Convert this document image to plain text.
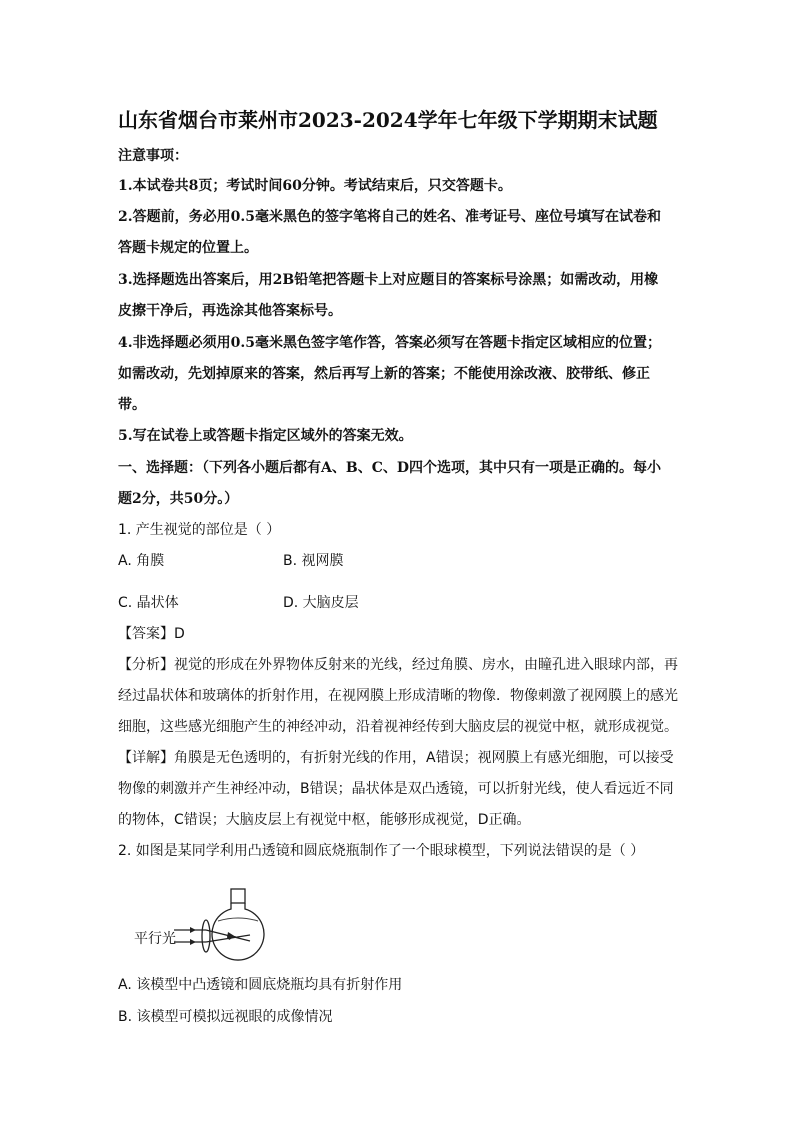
山东省烟台市莱州市2023-2024学年七年级下学期期末试题
注意事项：
1.本试卷共8页；考试时间60分钟。考试结束后，只交答题卡。
2.答题前，务必用0.5毫米黑色的签字笔将自己的姓名、准考证号、座位号填写在试卷和
答题卡规定的位置上。
3.选择题选出答案后，用2B铅笔把答题卡上对应题目的答案标号涂黑；如需改动，用橡
皮擦干净后，再选涂其他答案标号。
4.非选择题必须用0.5毫米黑色签字笔作答，答案必须写在答题卡指定区域相应的位置；
如需改动，先划掉原来的答案，然后再写上新的答案；不能使用涂改液、胶带纸、修正
带。
5.写在试卷上或答题卡指定区域外的答案无效。
一、选择题：（下列各小题后都有A、B、C、D四个选项，其中只有一项是正确的。每小
题2分，共50分。）
1. 产生视觉的部位是（ ）
A. 角膜	B. 视网膜
C. 晶状体	D. 大脑皮层
【答案】D
【分析】视觉的形成在外界物体反射来的光线，经过角膜、房水，由瞳孔进入眼球内部，再
经过晶状体和玻璃体的折射作用，在视网膜上形成清晰的物像．物像刺激了视网膜上的感光
细胞，这些感光细胞产生的神经冲动，沿着视神经传到大脑皮层的视觉中枢，就形成视觉。
【详解】角膜是无色透明的，有折射光线的作用，A错误；视网膜上有感光细胞，可以接受
物像的刺激并产生神经冲动，B错误；晶状体是双凸透镜，可以折射光线，使人看远近不同
的物体，C错误；大脑皮层上有视觉中枢，能够形成视觉，D正确。
2. 如图是某同学利用凸透镜和圆底烧瓶制作了一个眼球模型，下列说法错误的是（ ）
平行光
A. 该模型中凸透镜和圆底烧瓶均具有折射作用
B. 该模型可模拟远视眼的成像情况
